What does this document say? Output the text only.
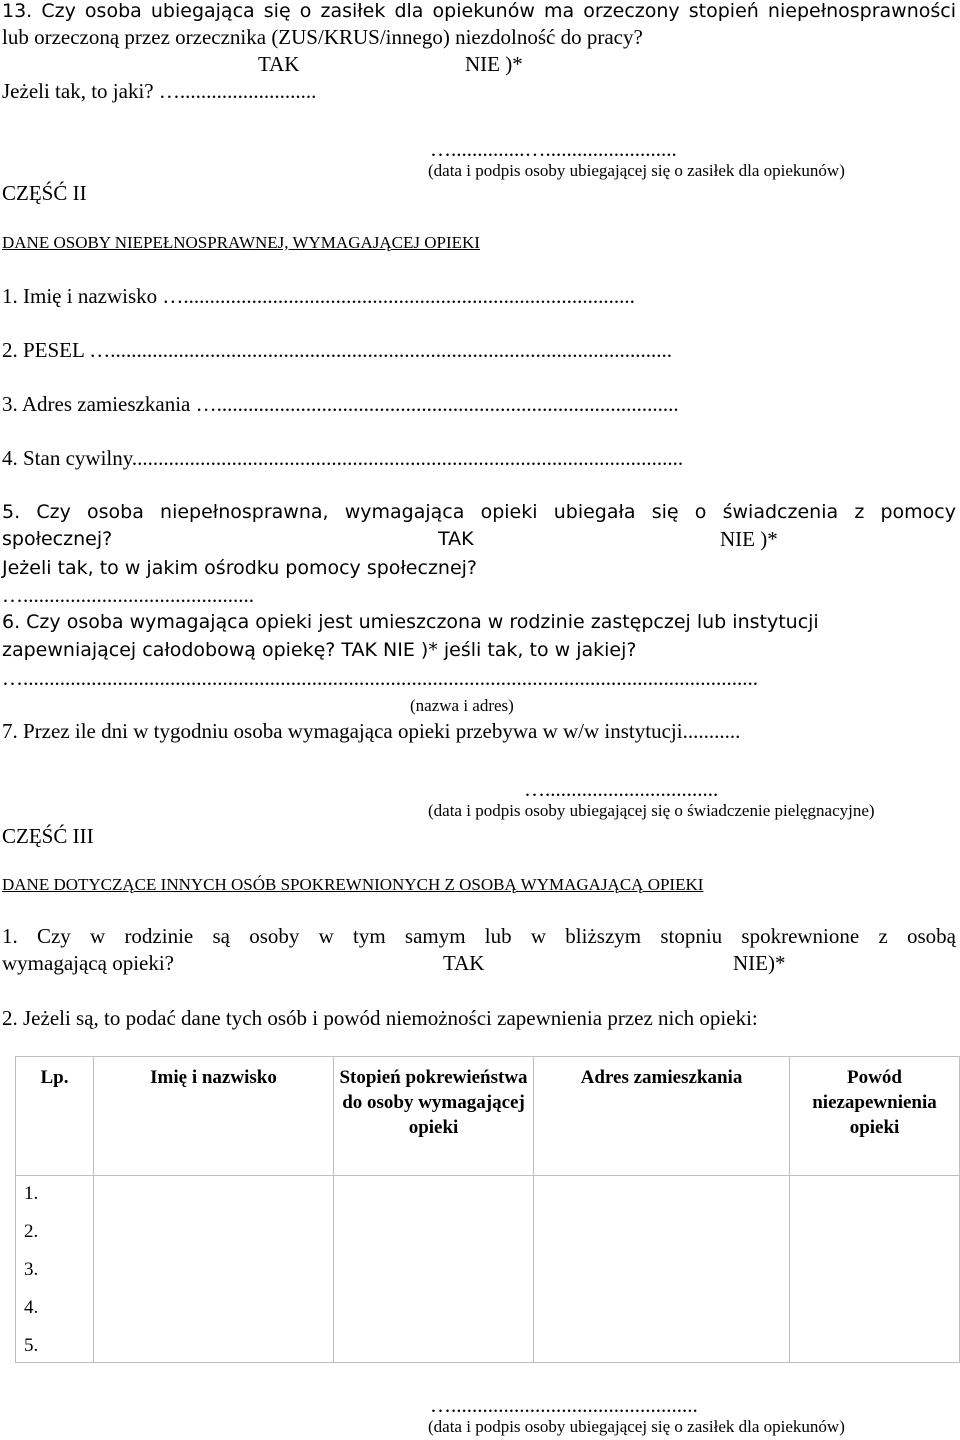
13. Czy osoba ubiegająca się o zasiłek dla opiekunów ma orzeczony stopień niepełnosprawności
lub orzeczoną przez orzecznika (ZUS/KRUS/innego) niezdolność do pracy?
TAK	NIE )*
Jeżeli tak, to jaki? …..........................
…..............….........................
(data i podpis osoby ubiegającej się o zasiłek dla opiekunów)
CZĘŚĆ II
DANE OSOBY NIEPEŁNOSPRAWNEJ, WYMAGAJĄCEJ OPIEKI
1. Imię i nazwisko …......................................................................................
2. PESEL …...........................................................................................................
3. Adres zamieszkania …........................................................................................
4. Stan cywilny.........................................................................................................
5. Czy osoba niepełnosprawna, wymagająca opieki ubiegała się o świadczenia z pomocy
społecznej?	TAK	NIE )*
Jeżeli tak, to w jakim ośrodku pomocy społecznej?
…............................................
6. Czy osoba wymagająca opieki jest umieszczona w rodzinie zastępczej lub instytucji
zapewniającej całodobową opiekę? TAK NIE )* jeśli tak, to w jakiej?
…............................................................................................................................................
(nazwa i adres)
7. Przez ile dni w tygodniu osoba wymagająca opieki przebywa w w/w instytucji...........
….................................
(data i podpis osoby ubiegającej się o świadczenie pielęgnacyjne)
CZĘŚĆ III
DANE DOTYCZĄCE INNYCH OSÓB SPOKREWNIONYCH Z OSOBĄ WYMAGAJĄCĄ OPIEKI
1. Czy w rodzinie są osoby w tym samym lub w bliższym stopniu spokrewnione z osobą
wymagającą opieki?	TAK	NIE)*
2. Jeżeli są, to podać dane tych osób i powód niemożności zapewnienia przez nich opieki:
Lp.	Imię i nazwisko	Stopień pokrewieństwa do osoby wymagającej opieki	Adres zamieszkania	Powód niezapewnienia opieki

1.
2.
3.
4.
5.				

…...............................................
(data i podpis osoby ubiegającej się o zasiłek dla opiekunów)
